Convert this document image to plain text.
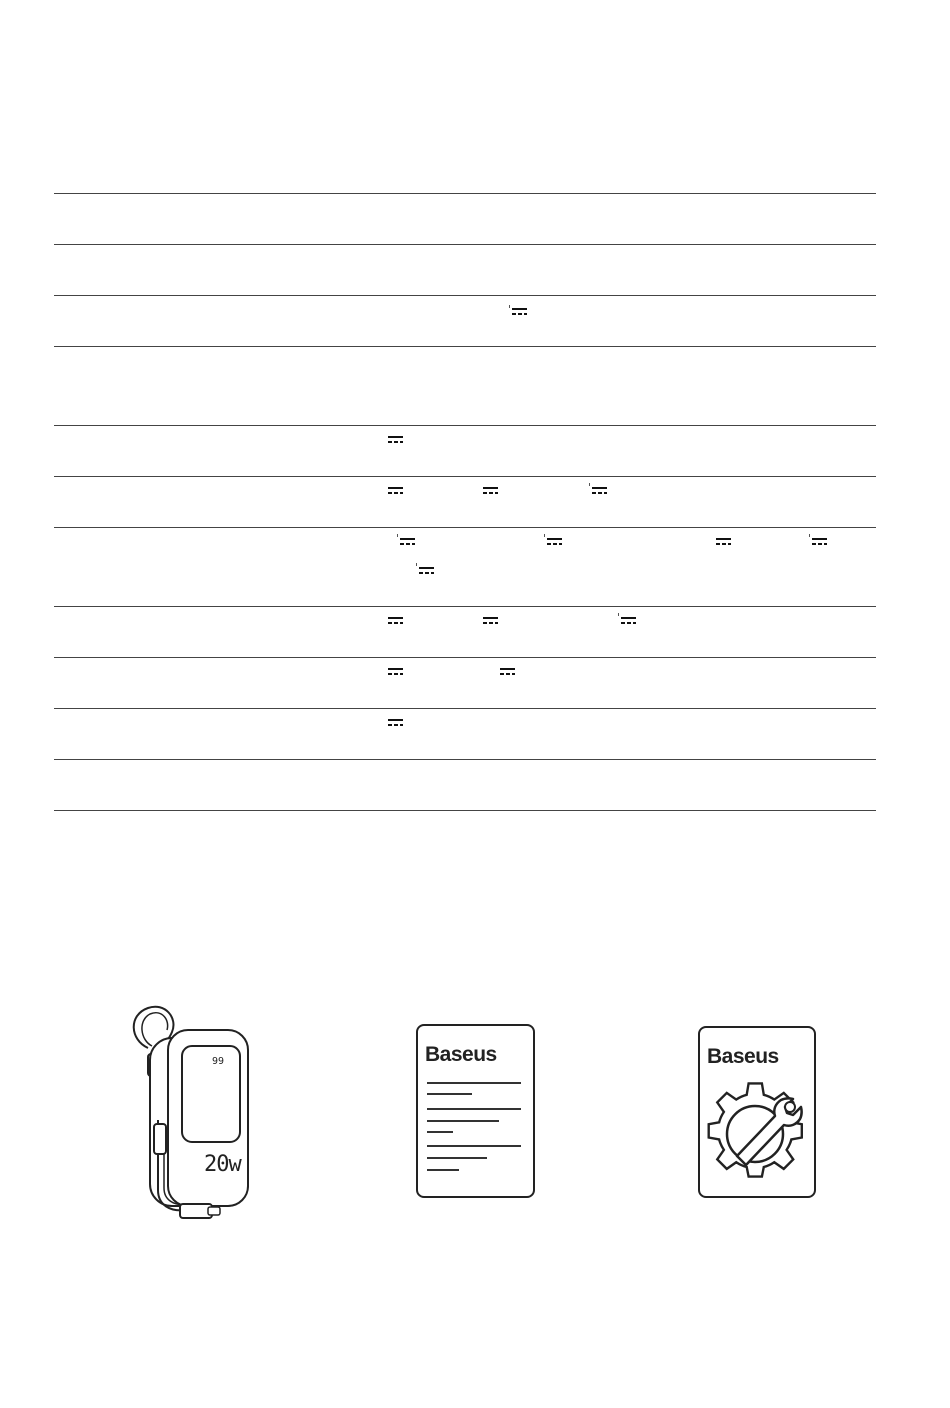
99
20w
Baseus	Baseus
